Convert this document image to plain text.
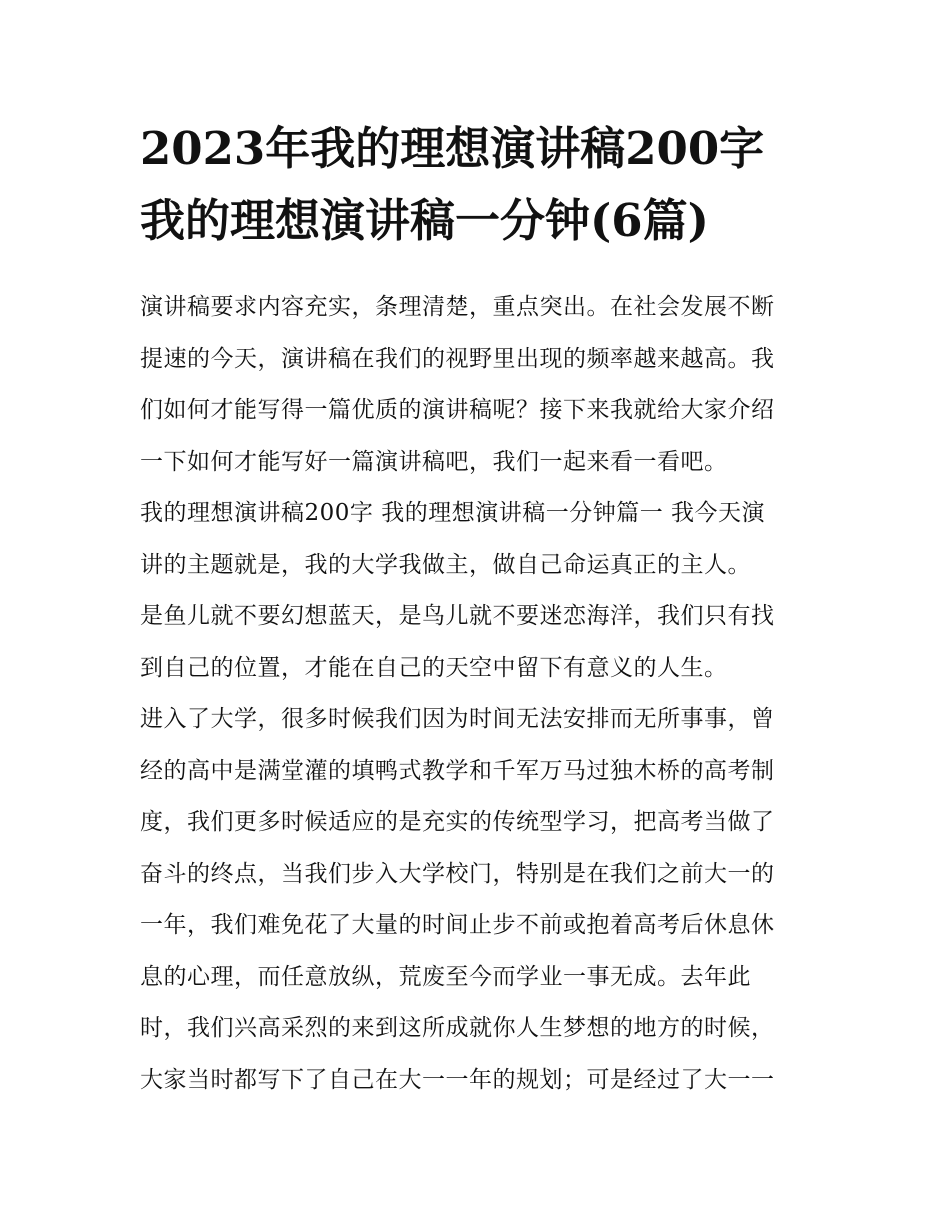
2023年我的理想演讲稿200字
我的理想演讲稿一分钟(6篇)

演讲稿要求内容充实，条理清楚，重点突出。在社会发展不断
提速的今天，演讲稿在我们的视野里出现的频率越来越高。我
们如何才能写得一篇优质的演讲稿呢？接下来我就给大家介绍
一下如何才能写好一篇演讲稿吧，我们一起来看一看吧。

我的理想演讲稿200字 我的理想演讲稿一分钟篇一 我今天演
讲的主题就是，我的大学我做主，做自己命运真正的主人。

是鱼儿就不要幻想蓝天，是鸟儿就不要迷恋海洋，我们只有找
到自己的位置，才能在自己的天空中留下有意义的人生。

进入了大学，很多时候我们因为时间无法安排而无所事事，曾
经的高中是满堂灌的填鸭式教学和千军万马过独木桥的高考制
度，我们更多时候适应的是充实的传统型学习，把高考当做了
奋斗的终点，当我们步入大学校门，特别是在我们之前大一的
一年，我们难免花了大量的时间止步不前或抱着高考后休息休
息的心理，而任意放纵，荒废至今而学业一事无成。去年此
时，我们兴高采烈的来到这所成就你人生梦想的地方的时候，
大家当时都写下了自己在大一一年的规划；可是经过了大一一
